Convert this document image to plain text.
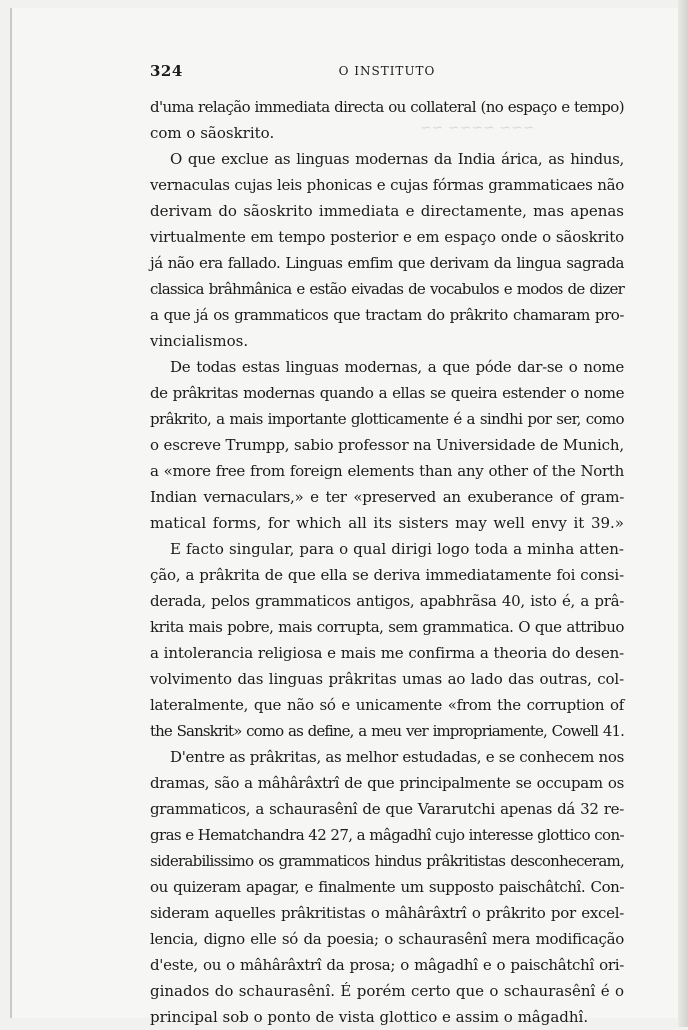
∼∼∼ ∼∼∼∼ ∼∼
324	O INSTITUTO
d'uma relação immediata directa ou collateral (no espaço e tempo)
com o sãoskrito.
O que exclue as linguas modernas da India árica, as hindus,
vernaculas cujas leis phonicas e cujas fórmas grammaticaes não
derivam do sãoskrito immediata e directamente, mas apenas
virtualmente em tempo posterior e em espaço onde o sãoskrito
já não era fallado. Linguas emfim que derivam da lingua sagrada
classica brâhmânica e estão eivadas de vocabulos e modos de dizer
a que já os grammaticos que tractam do prâkrito chamaram pro-
vincialismos.
De todas estas linguas modernas, a que póde dar-se o nome
de prâkritas modernas quando a ellas se queira estender o nome
prâkrito, a mais importante glotticamente é a sindhi por ser, como
o escreve Trumpp, sabio professor na Universidade de Munich,
a «more free from foreign elements than any other of the North
Indian vernaculars,» e ter «preserved an exuberance of gram-
matical forms, for which all its sisters may well envy it 39.»
E facto singular, para o qual dirigi logo toda a minha atten-
ção, a prâkrita de que ella se deriva immediatamente foi consi-
derada, pelos grammaticos antigos, apabhrãsa 40, isto é, a prâ-
krita mais pobre, mais corrupta, sem grammatica. O que attribuo
a intolerancia religiosa e mais me confirma a theoria do desen-
volvimento das linguas prâkritas umas ao lado das outras, col-
lateralmente, que não só e unicamente «from the corruption of
the Sanskrit» como as define, a meu ver impropriamente, Cowell 41.
D'entre as prâkritas, as melhor estudadas, e se conhecem nos
dramas, são a mâhârâxtrî de que principalmente se occupam os
grammaticos, a schaurasênî de que Vararutchi apenas dá 32 re-
gras e Hematchandra 42 27, a mâgadhî cujo interesse glottico con-
siderabilissimo os grammaticos hindus prâkritistas desconheceram,
ou quizeram apagar, e finalmente um supposto paischâtchî. Con-
sideram aquelles prâkritistas o mâhârâxtrî o prâkrito por excel-
lencia, digno elle só da poesia; o schaurasênî mera modificação
d'este, ou o mâhârâxtrî da prosa; o mâgadhî e o paischâtchî ori-
ginados do schaurasênî. É porém certo que o schaurasênî é o
principal sob o ponto de vista glottico e assim o mâgadhî.
